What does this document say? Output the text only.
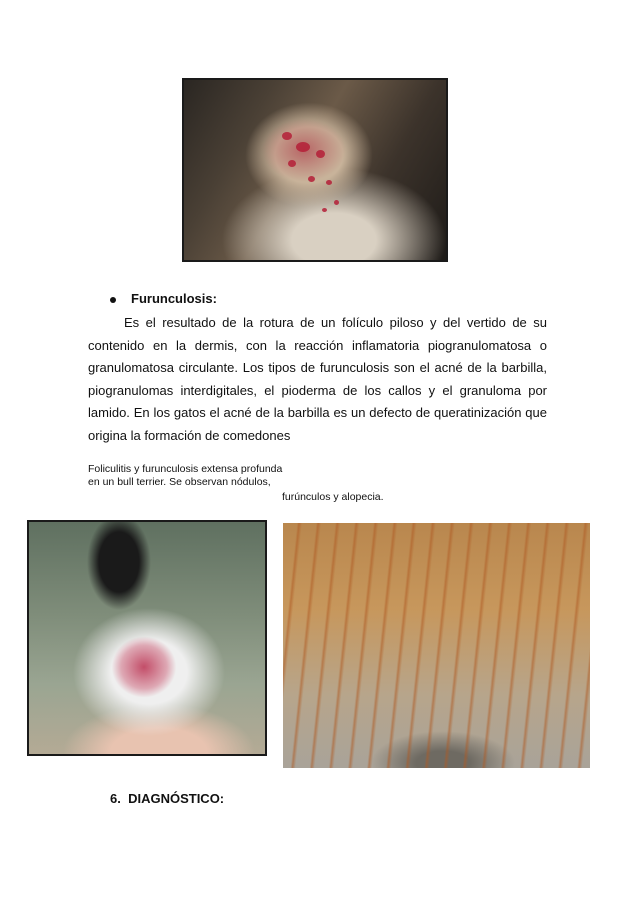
Furunculosis:

Es el resultado de la rotura de un folículo piloso y del vertido de su contenido en la dermis, con la reacción inflamatoria piogranulomatosa o granulomatosa circulante. Los tipos de furunculosis son el acné de la barbilla, piogranulomas interdigitales, el pioderma de los callos y el granuloma por lamido. En los gatos el acné de la barbilla es un defecto de queratinización que origina la formación de comedones

Foliculitis y furunculosis extensa profunda
en un bull terrier. Se observan nódulos,
furúnculos y alopecia.
6. DIAGNÓSTICO:
